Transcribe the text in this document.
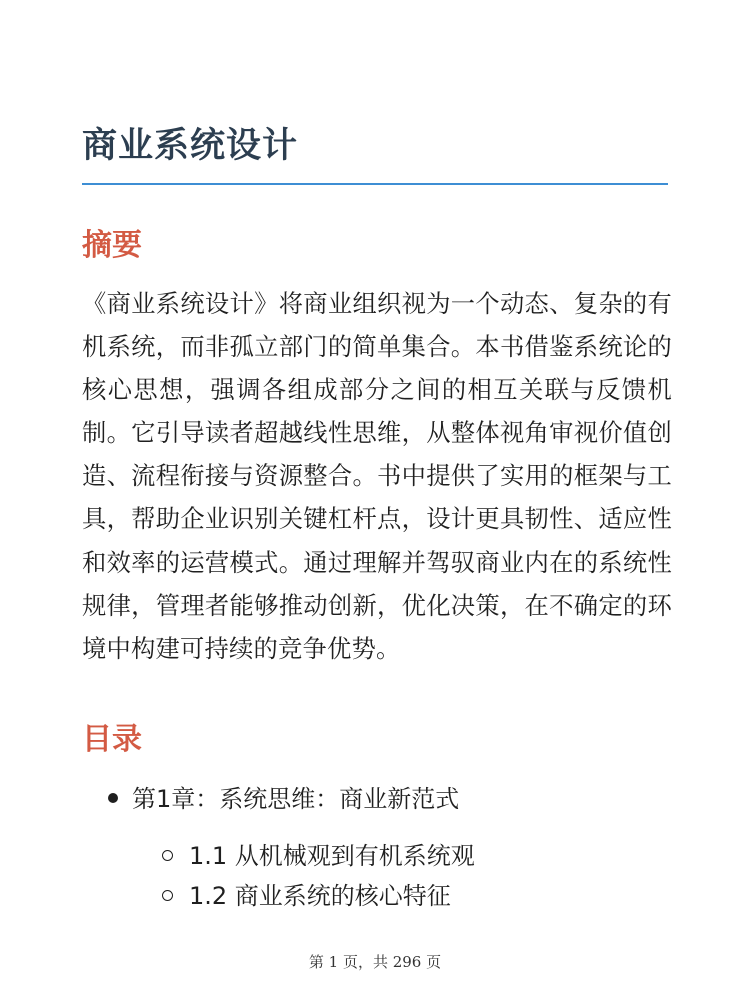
商业系统设计
摘要

《商业系统设计》将商业组织视为一个动态、复杂的有机系统，而非孤立部门的简单集合。本书借鉴系统论的核心思想，强调各组成部分之间的相互关联与反馈机制。它引导读者超越线性思维，从整体视角审视价值创造、流程衔接与资源整合。书中提供了实用的框架与工具，帮助企业识别关键杠杆点，设计更具韧性、适应性和效率的运营模式。通过理解并驾驭商业内在的系统性规律，管理者能够推动创新，优化决策，在不确定的环境中构建可持续的竞争优势。

目录
第1章：系统思维：商业新范式
1.1 从机械观到有机系统观
1.2 商业系统的核心特征
第 1 页，共 296 页
